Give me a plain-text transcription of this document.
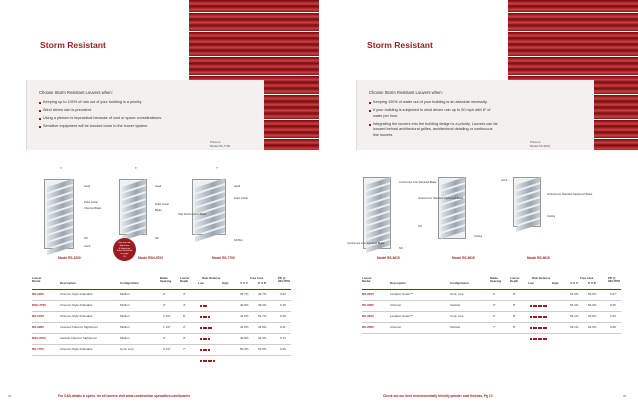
Storm Resistant
Choose Storm Resistant Louvers when:
Keeping up to 100% of rain out of your building is a priority.
Wind driven rain is prevalent.
Using a plenum is impractical because of cost or space considerations.
Sensitive equipment will be housed close to the louver system.
Photo is
Model RS-7700
4"
Head
Drain Gutter
Chevron Blade
Sill
Jamb
6"
Head
Drain Gutter
Blade
Sill
7"
Head
Drain Gutter
High Performance Blade
Sill Box
See our new
Hurricane
& Hurricane
Storm Resistant
on page
59
Model RS-3200	Model RSH-5700	Model RS-7700
Louver
Model	Description	Configuration
Blade
Spacing
Louver
Depth
Rain Defense
Low	High
Free Area
4' X 4'	8' X 8'
PD @
900 FPM
RS-3200	Chevron Style Drainable	Mullion	2"	4"	39.7%	42.7%	0.22
RSH-3700	Chevron Style Drainable	Mullion	2"	4"	40.8%	49.0%	0.15
RS-5700	Chevron Style Drainable	Mullion	2 1/2"	5"	44.8%	53.7%	0.25
RS-3900	Inverted Chevron Sightproof	Mullion	1 1/2"	3"	41.8%	44.8%	0.11
RSV-3700	Vertical Chevron Sightproof	Mullion	2"	3"	40.8%	44.0%	0.13
RS-7700	Chevron Style Drainable	Cont. Line	3 1/2"	7"	50.3%	52.8%	0.25
For CAD details & specs. for all louvers visit www.construction specialties.com/louvers
24
Storm Resistant
Choose Storm Resistant Louvers when:
Keeping 100% of water out of your building is an absolute necessity.
If your building is subjected to wind driven rain up to 50 mph with 8" of water per hour.
Integrating the louvers into the building design is a priority. Louvers can be housed behind architectural grilles, architectural detailing or continuous line louvers.
Photo is
Model RS-9615
Continuous Line Standard Blade
Continuous Line Standard Blade
Sill
Vertical Line Standard Sightproof Blade
Sill
Cutting
Jamb
Vertical Line Standard Sightproof Blade
Cutting
Model RS-9615	Model RS-9615	Model RS-9615
Louver
Model	Description	Configuration
Blade
Spacing
Louver
Depth
Rain Defense
Low	High
Free Area
4' X 4'	8' X 8'
PD @
900 FPM
RS-9615	Location Smart™	Cont. Line	2"	8"	53.3%	56.6%	0.37
RS-9605	Chevron	Vertical	2"	8"	53.3%	56.6%	0.25
RS-9615	Location Smart™	Cont. Line	2"	8"	59.1%	62.9%	0.33
RS-9605	Chevron	Vertical	7"	8"	59.1%	62.9%	0.08
Check out our best environmentally friendly powder coat finishes, Pg 10	25
